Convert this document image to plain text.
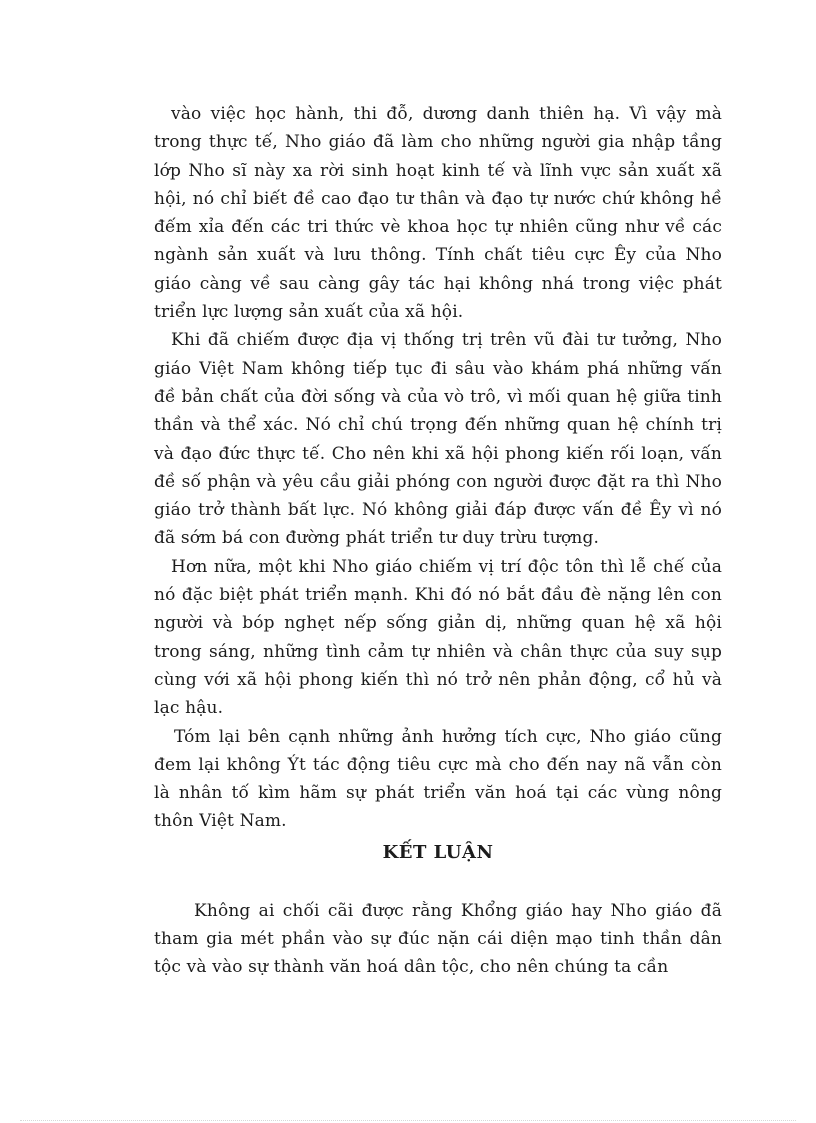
vào việc học hành, thi đỗ, dương danh thiên hạ. Vì vậy mà trong thực tế, Nho giáo đã làm cho những người gia nhập tầng lớp Nho sĩ này xa rời sinh hoạt kinh tế và lĩnh vực sản xuất xã hội, nó chỉ biết đề cao đạo tư thân và đạo tự nước chứ không hề đếm xỉa đến các tri thức vè khoa học tự nhiên cũng như về các ngành sản xuất và lưu thông. Tính chất tiêu cực Êy của Nho giáo càng về sau càng gây tác hại không nhá trong việc phát triển lực lượng sản xuất của xã hội.

Khi đã chiếm được địa vị thống trị trên vũ đài tư tưởng, Nho giáo Việt Nam không tiếp tục đi sâu vào khám phá những vấn đề bản chất của đời sống và của vò trô, vì mối quan hệ giữa tinh thần và thể xác. Nó chỉ chú trọng đến những quan hệ chính trị và đạo đức thực tế. Cho nên khi xã hội phong kiến rối loạn, vấn đề số phận và yêu cầu giải phóng con người được đặt ra thì Nho giáo trở thành bất lực. Nó không giải đáp được vấn đề Êy vì nó đã sớm bá con đường phát triển tư duy trừu tượng.

Hơn nữa, một khi Nho giáo chiếm vị trí độc tôn thì lễ chế của nó đặc biệt phát triển mạnh. Khi đó nó bắt đầu đè nặng lên con người và bóp nghẹt nếp sống giản dị, những quan hệ xã hội trong sáng, những tình cảm tự nhiên và chân thực của suy sụp cùng với xã hội phong kiến thì nó trở nên phản động, cổ hủ và lạc hậu.

Tóm lại bên cạnh những ảnh hưởng tích cực, Nho giáo cũng đem lại không Ýt tác động tiêu cực mà cho đến nay nã vẫn còn là nhân tố kìm hãm sự phát triển văn hoá tại các vùng nông thôn Việt Nam.

KẾT LUẬN

Không ai chối cãi được rằng Khổng giáo hay Nho giáo đã tham gia mét phần vào sự đúc nặn cái diện mạo tinh thần dân tộc và vào sự thành văn hoá dân tộc, cho nên chúng ta cần
